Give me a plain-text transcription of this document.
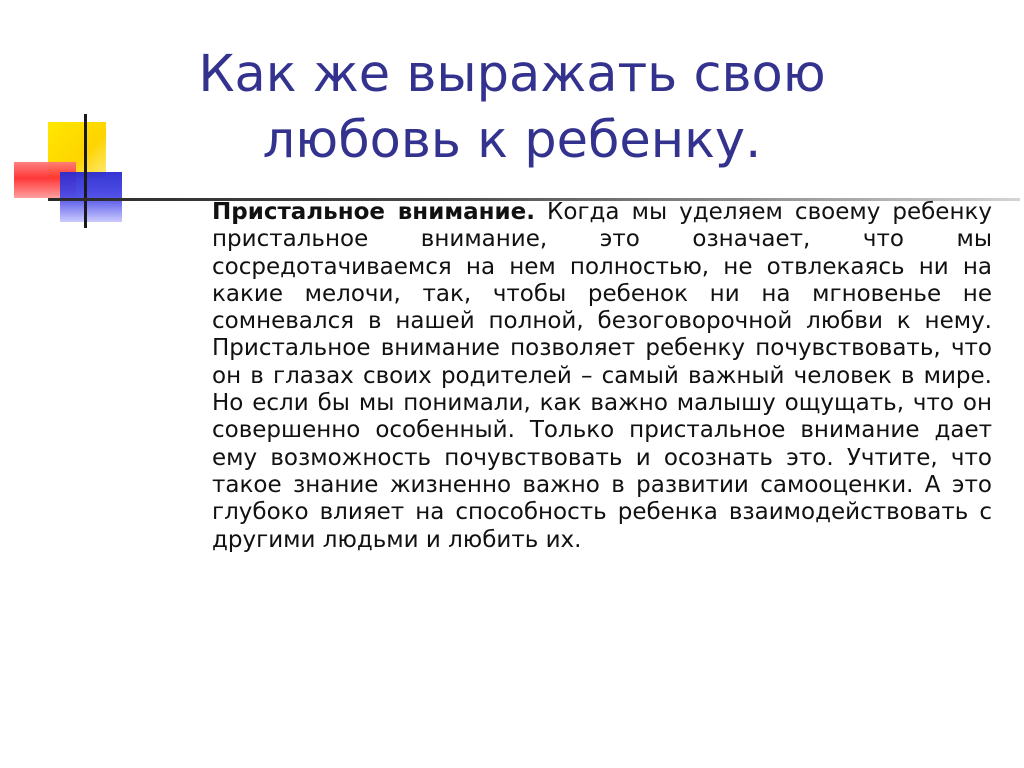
Как же выражать свою любовь к ребенку.

Пристальное внимание. Когда мы уделяем своему ребенку пристальное внимание, это означает, что мы сосредотачиваемся на нем полностью, не отвлекаясь ни на какие мелочи, так, чтобы ребенок ни на мгновенье не сомневался в нашей полной, безоговорочной любви к нему. Пристальное внимание позволяет ребенку почувствовать, что он в глазах своих родителей – самый важный человек в мире. Но если бы мы понимали, как важно малышу ощущать, что он совершенно особенный. Только пристальное внимание дает ему возможность почувствовать и осознать это. Учтите, что такое знание жизненно важно в развитии самооценки. А это глубоко влияет на способность ребенка взаимодействовать с другими людьми и любить их.
